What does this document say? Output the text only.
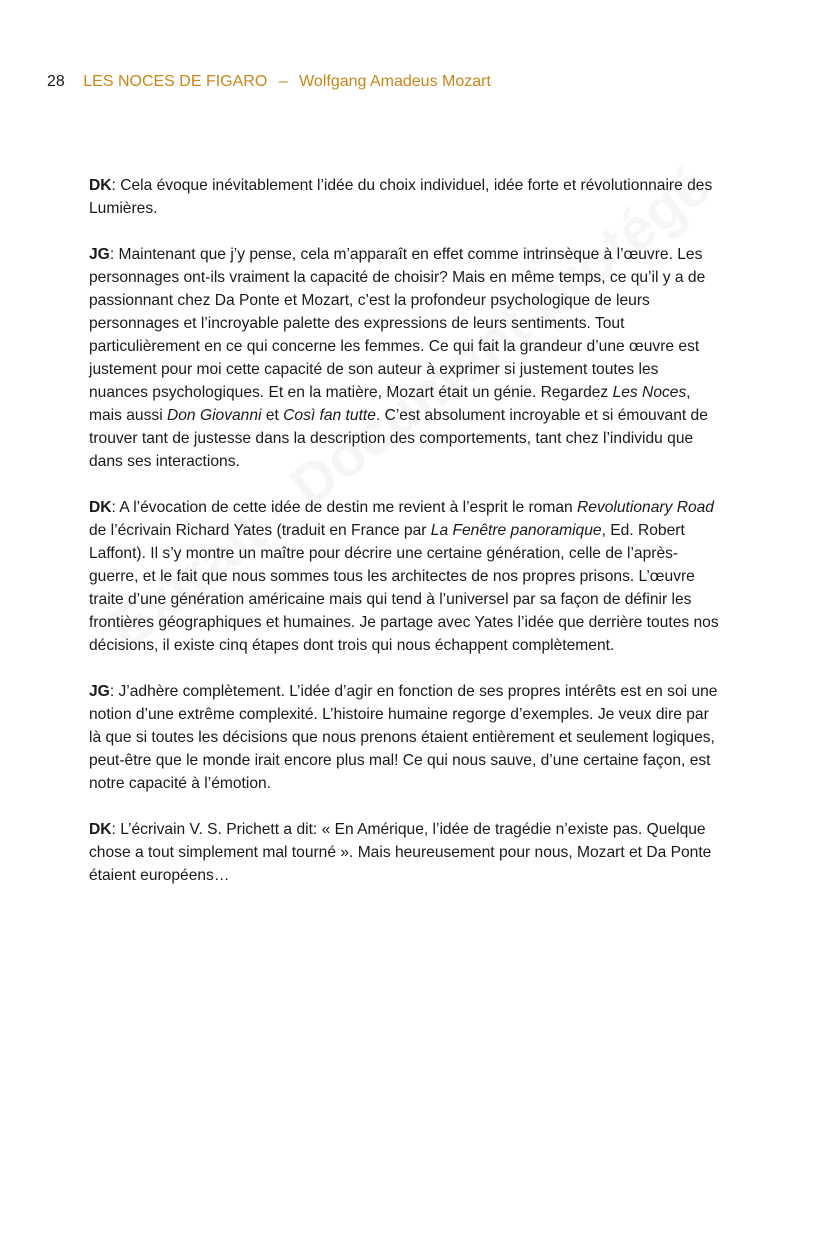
28 LES NOCES DE FIGARO – Wolfgang Amadeus Mozart

DK: Cela évoque inévitablement l’idée du choix individuel, idée forte et révolutionnaire des Lumières.

JG: Maintenant que j’y pense, cela m’apparaît en effet comme intrinsèque à l’œuvre. Les personnages ont-ils vraiment la capacité de choisir? Mais en même temps, ce qu’il y a de passionnant chez Da Ponte et Mozart, c’est la profondeur psychologique de leurs personnages et l’incroyable palette des expressions de leurs sentiments. Tout particulièrement en ce qui concerne les femmes. Ce qui fait la grandeur d’une œuvre est justement pour moi cette capacité de son auteur à exprimer si justement toutes les nuances psychologiques. Et en la matière, Mozart était un génie. Regardez Les Noces, mais aussi Don Giovanni et Così fan tutte. C’est absolument incroyable et si émouvant de trouver tant de justesse dans la description des comportements, tant chez l’individu que dans ses interactions.

DK: A l’évocation de cette idée de destin me revient à l’esprit le roman Revolutionary Road de l’écrivain Richard Yates (traduit en France par La Fenêtre panoramique, Ed. Robert Laffont). Il s’y montre un maître pour décrire une certaine génération, celle de l’après-guerre, et le fait que nous sommes tous les architectes de nos propres prisons. L’œuvre traite d’une génération américaine mais qui tend à l’universel par sa façon de définir les frontières géographiques et humaines. Je partage avec Yates l’idée que derrière toutes nos décisions, il existe cinq étapes dont trois qui nous échappent complètement.

JG: J’adhère complètement. L’idée d’agir en fonction de ses propres intérêts est en soi une notion d’une extrême complexité. L’histoire humaine regorge d’exemples. Je veux dire par là que si toutes les décisions que nous prenons étaient entièrement et seulement logiques, peut-être que le monde irait encore plus mal! Ce qui nous sauve, d’une certaine façon, est notre capacité à l’émotion.

DK: L’écrivain V. S. Prichett a dit: « En Amérique, l’idée de tragédie n’existe pas. Quelque chose a tout simplement mal tourné ». Mais heureusement pour nous, Mozart et Da Ponte étaient européens…
